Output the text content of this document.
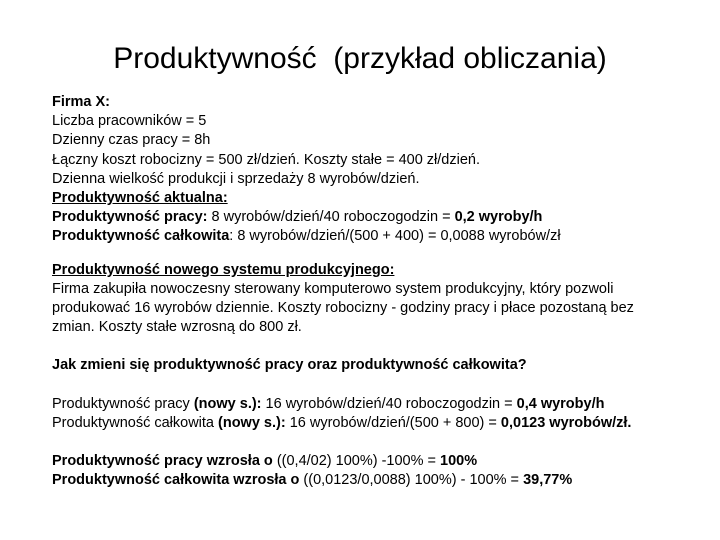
Produktywność  (przykład obliczania)
Firma X:
Liczba pracowników = 5
Dzienny czas pracy = 8h
Łączny koszt robocizny = 500 zł/dzień. Koszty stałe = 400 zł/dzień.
Dzienna wielkość produkcji i sprzedaży 8 wyrobów/dzień.
Produktywność aktualna:
Produktywność pracy: 8 wyrobów/dzień/40 roboczogodzin = 0,2 wyroby/h
Produktywność całkowita: 8 wyrobów/dzień/(500 + 400) = 0,0088 wyrobów/zł
Produktywność nowego systemu produkcyjnego:
Firma zakupiła nowoczesny sterowany komputerowo system produkcyjny, który pozwoli
produkować 16 wyrobów dziennie. Koszty robocizny - godziny pracy i płace pozostaną bez
zmian. Koszty stałe wzrosną do 800 zł.
Jak zmieni się produktywność pracy oraz produktywność całkowita?
Produktywność pracy (nowy s.): 16 wyrobów/dzień/40 roboczogodzin = 0,4 wyroby/h
Produktywność całkowita (nowy s.): 16 wyrobów/dzień/(500 + 800) = 0,0123 wyrobów/zł.
Produktywność pracy wzrosła o ((0,4/02) 100%) -100% = 100%
Produktywność całkowita wzrosła o ((0,0123/0,0088) 100%) - 100% = 39,77%
